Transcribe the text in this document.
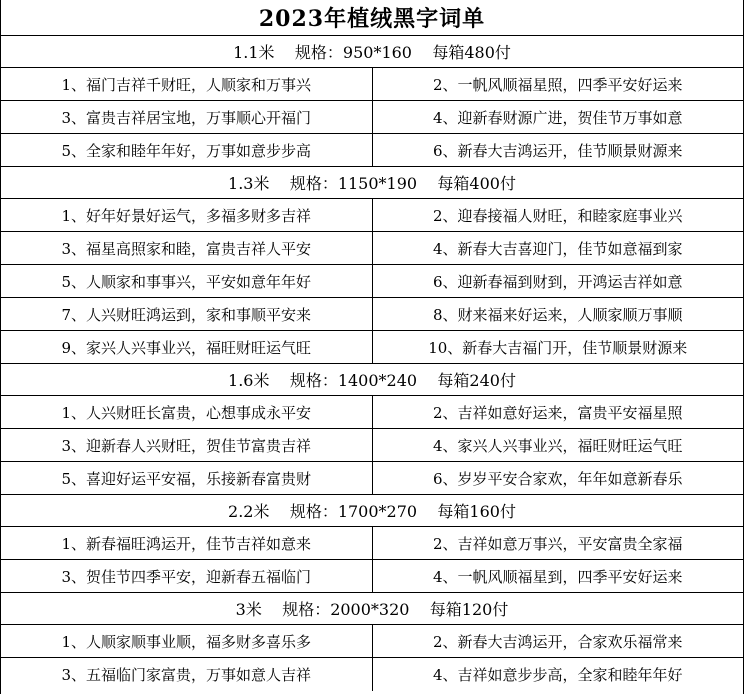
2023年植绒黑字词单
1.1米
规格：950*160
每箱480付
1、福门吉祥千财旺，人顺家和万事兴	2、一帆风顺福星照，四季平安好运来
3、富贵吉祥居宝地，万事顺心开福门	4、迎新春财源广进，贺佳节万事如意
5、全家和睦年年好，万事如意步步高	6、新春大吉鸿运开，佳节顺景财源来
1.3米
规格：1150*190
每箱400付
1、好年好景好运气，多福多财多吉祥	2、迎春接福人财旺，和睦家庭事业兴
3、福星高照家和睦，富贵吉祥人平安	4、新春大吉喜迎门，佳节如意福到家
5、人顺家和事事兴，平安如意年年好	6、迎新春福到财到，开鸿运吉祥如意
7、人兴财旺鸿运到，家和事顺平安来	8、财来福来好运来，人顺家顺万事顺
9、家兴人兴事业兴，福旺财旺运气旺	10、新春大吉福门开，佳节顺景财源来
1.6米
规格：1400*240
每箱240付
1、人兴财旺长富贵，心想事成永平安	2、吉祥如意好运来，富贵平安福星照
3、迎新春人兴财旺，贺佳节富贵吉祥	4、家兴人兴事业兴，福旺财旺运气旺
5、喜迎好运平安福，乐接新春富贵财	6、岁岁平安合家欢，年年如意新春乐
2.2米
规格：1700*270
每箱160付
1、新春福旺鸿运开，佳节吉祥如意来	2、吉祥如意万事兴，平安富贵全家福
3、贺佳节四季平安，迎新春五福临门	4、一帆风顺福星到，四季平安好运来
3米
规格：2000*320
每箱120付
1、人顺家顺事业顺，福多财多喜乐多	2、新春大吉鸿运开，合家欢乐福常来
3、五福临门家富贵，万事如意人吉祥	4、吉祥如意步步高，全家和睦年年好
